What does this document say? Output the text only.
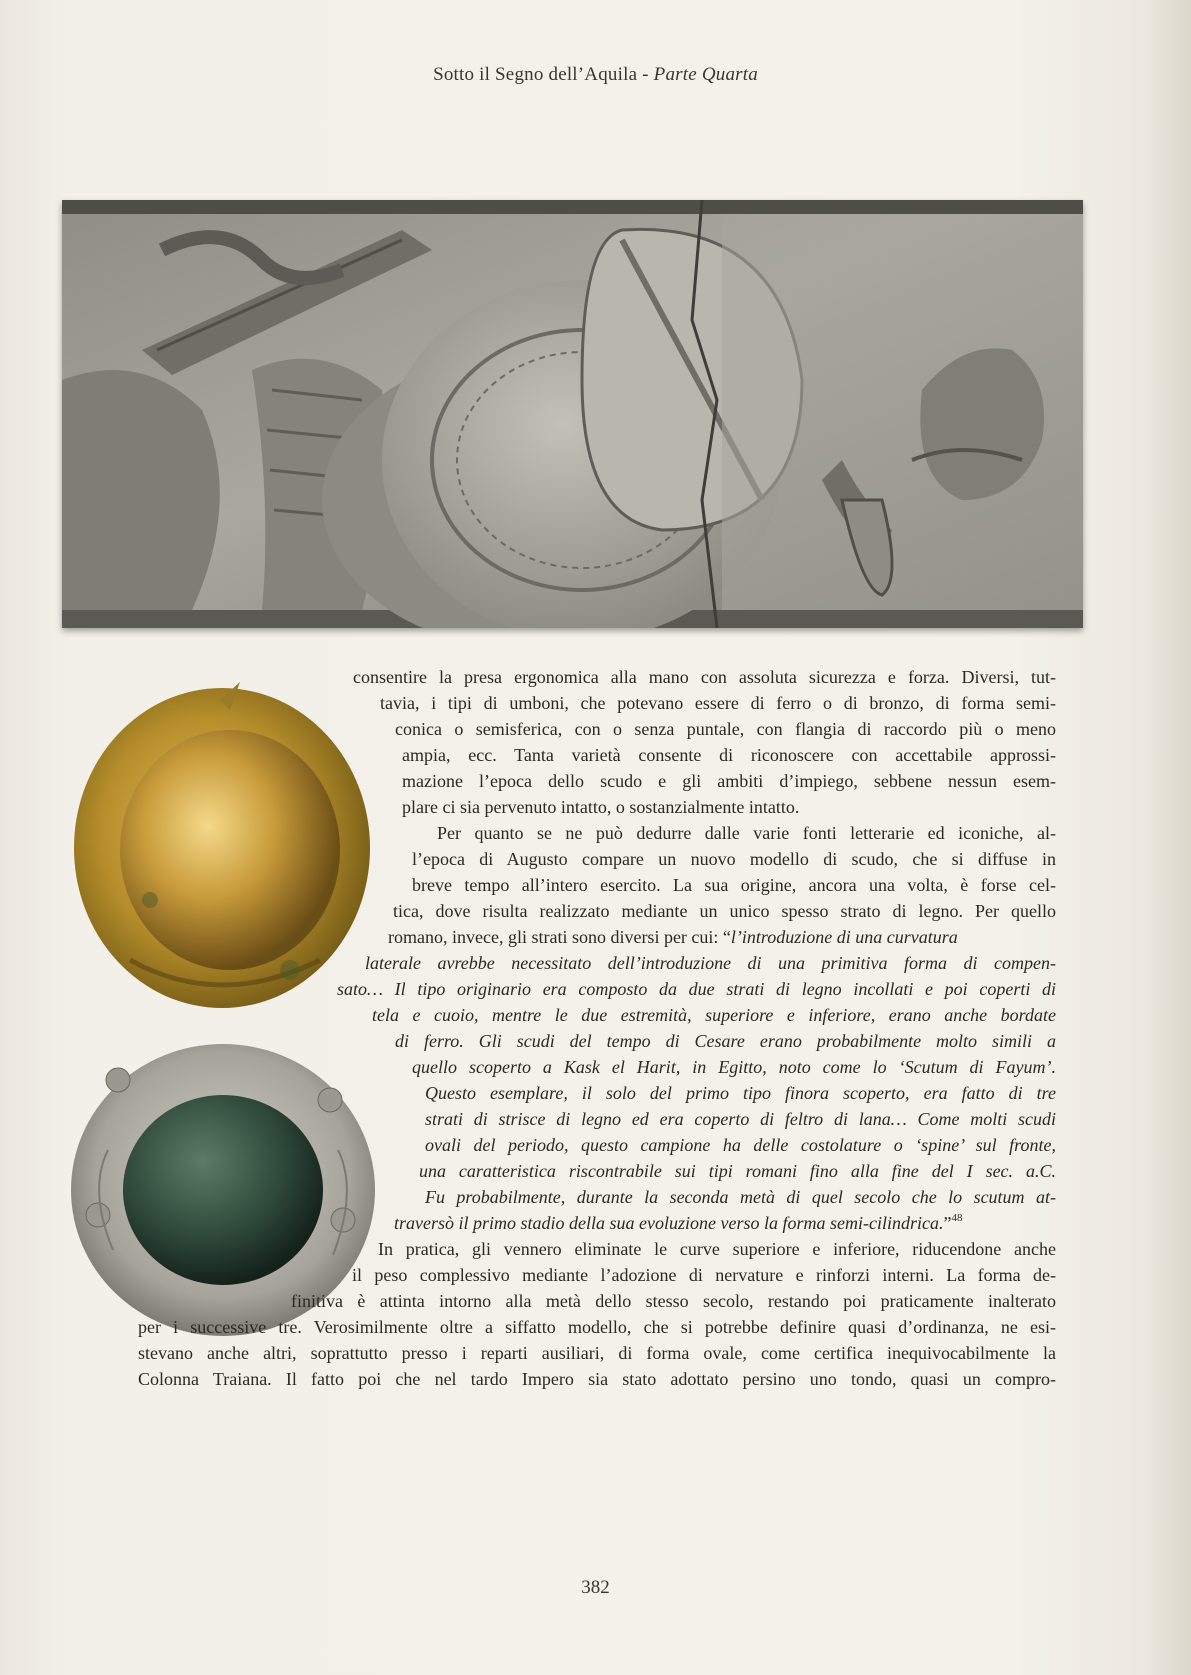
Sotto il Segno dell’Aquila - Parte Quarta
consentire la presa ergonomica alla mano con assoluta sicurezza e forza. Diversi, tut-
tavia, i tipi di umboni, che potevano essere di ferro o di bronzo, di forma semi-
conica o semisferica, con o senza puntale, con flangia di raccordo più o meno
ampia, ecc. Tanta varietà consente di riconoscere con accettabile approssi-
mazione l’epoca dello scudo e gli ambiti d’impiego, sebbene nessun esem-
plare ci sia pervenuto intatto, o sostanzialmente intatto.
Per quanto se ne può dedurre dalle varie fonti letterarie ed iconiche, al-
l’epoca di Augusto compare un nuovo modello di scudo, che si diffuse in
breve tempo all’intero esercito. La sua origine, ancora una volta, è forse cel-
tica, dove risulta realizzato mediante un unico spesso strato di legno. Per quello
romano, invece, gli strati sono diversi per cui: “l’introduzione di una curvatura
laterale avrebbe necessitato dell’introduzione di una primitiva forma di compen-
sato… Il tipo originario era composto da due strati di legno incollati e poi coperti di
tela e cuoio, mentre le due estremità, superiore e inferiore, erano anche bordate
di ferro. Gli scudi del tempo di Cesare erano probabilmente molto simili a
quello scoperto a Kask el Harit, in Egitto, noto come lo ‘Scutum di Fayum’.
Questo esemplare, il solo del primo tipo finora scoperto, era fatto di tre
strati di strisce di legno ed era coperto di feltro di lana… Come molti scudi
ovali del periodo, questo campione ha delle costolature o ‘spine’ sul fronte,
una caratteristica riscontrabile sui tipi romani fino alla fine del I sec. a.C.
Fu probabilmente, durante la seconda metà di quel secolo che lo scutum at-
traversò il primo stadio della sua evoluzione verso la forma semi-cilindrica.”$^{48}$
In pratica, gli vennero eliminate le curve superiore e inferiore, riducendone anche
il peso complessivo mediante l’adozione di nervature e rinforzi interni. La forma de-
finitiva è attinta intorno alla metà dello stesso secolo, restando poi praticamente inalterato
per i successive tre. Verosimilmente oltre a siffatto modello, che si potrebbe definire quasi d’ordinanza, ne esi-
stevano anche altri, soprattutto presso i reparti ausiliari, di forma ovale, come certifica inequivocabilmente la
Colonna Traiana. Il fatto poi che nel tardo Impero sia stato adottato persino uno tondo, quasi un compro-
382
